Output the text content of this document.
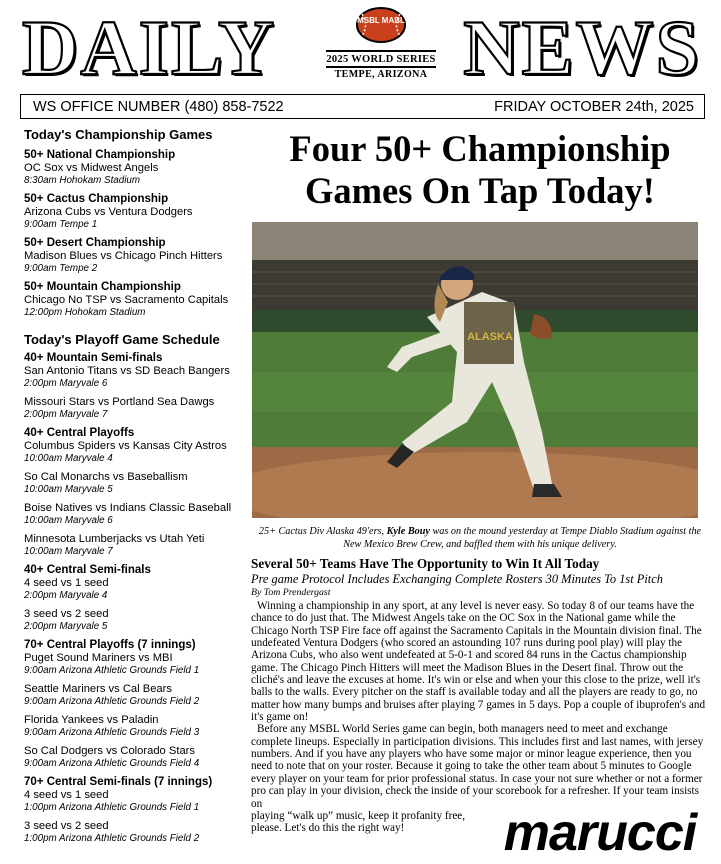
DAILY	MSBL MABL
2025 WORLD SERIES
TEMPE, ARIZONA NEWS
WS OFFICE NUMBER (480) 858-7522	FRIDAY OCTOBER 24th, 2025
Today's Championship Games
50+ National Championship
OC Sox vs Midwest Angels
8:30am Hohokam Stadium
50+ Cactus Championship
Arizona Cubs vs Ventura Dodgers
9:00am Tempe 1
50+ Desert Championship
Madison Blues vs Chicago Pinch Hitters
9:00am Tempe 2
50+ Mountain Championship
Chicago No TSP vs Sacramento Capitals
12:00pm Hohokam Stadium
Today's Playoff Game Schedule
40+ Mountain Semi-finals
San Antonio Titans vs SD Beach Bangers
2:00pm Maryvale 6
Missouri Stars vs Portland Sea Dawgs
2:00pm Maryvale 7
40+ Central Playoffs
Columbus Spiders vs Kansas City Astros
10:00am Maryvale 4
So Cal Monarchs vs Baseballism
10:00am Maryvale 5
Boise Natives vs Indians Classic Baseball
10:00am Maryvale 6
Minnesota Lumberjacks vs Utah Yeti
10:00am Maryvale 7
40+ Central Semi-finals
4 seed vs 1 seed
2:00pm Maryvale 4
3 seed vs 2 seed
2:00pm Maryvale 5
70+ Central Playoffs (7 innings)
Puget Sound Mariners vs MBI
9:00am Arizona Athletic Grounds Field 1
Seattle Mariners vs Cal Bears
9:00am Arizona Athletic Grounds Field 2
Florida Yankees vs Paladin
9:00am Arizona Athletic Grounds Field 3
So Cal Dodgers vs Colorado Stars
9:00am Arizona Athletic Grounds Field 4
70+ Central Semi-finals (7 innings)
4 seed vs 1 seed
1:00pm Arizona Athletic Grounds Field 1
3 seed vs 2 seed
1:00pm Arizona Athletic Grounds Field 2
Four 50+ Championship
Games On Tap Today!
ALASKA
25+ Cactus Div Alaska 49'ers, Kyle Bouy was on the mound yesterday at Tempe Diablo Stadium against the New Mexico Brew Crew, and baffled them with his unique delivery.
Several 50+ Teams Have The Opportunity to Win It All Today
Pre game Protocol Includes Exchanging Complete Rosters 30 Minutes To 1st Pitch
By Tom Prendergast

Winning a championship in any sport, at any level is never easy. So today 8 of our teams have the chance to do just that. The Midwest Angels take on the OC Sox in the National game while the Chicago North TSP Fire face off against the Sacramento Capitals in the Mountain division final. The undefeated Ventura Dodgers (who scored an astounding 107 runs during pool play) will play the Arizona Cubs, who also went undefeated at 5-0-1 and scored 84 runs in the Cactus championship game. The Chicago Pinch Hitters will meet the Madison Blues in the Desert final. Throw out the cliché's and leave the excuses at home. It's win or else and when your this close to the prize, well it's balls to the walls. Every pitcher on the staff is available today and all the players are ready to go, no matter how many bumps and bruises after playing 7 games in 5 days. Pop a couple of ibuprofen's and it's game on!

Before any MSBL World Series game can begin, both managers need to meet and exchange complete lineups. Especially in participation divisions. This includes first and last names, with jersey numbers. And if you have any players who have some major or minor league experience, then you need to note that on your roster. Because it going to take the other team about 5 minutes to Google every player on your team for prior professional status. In case your not sure whether or not a former pro can play in your division, check the inside of your scorebook for a refresher. If your team insists on

playing “walk up” music, keep it profanity free,
please. Let's do this the right way!	marucci
